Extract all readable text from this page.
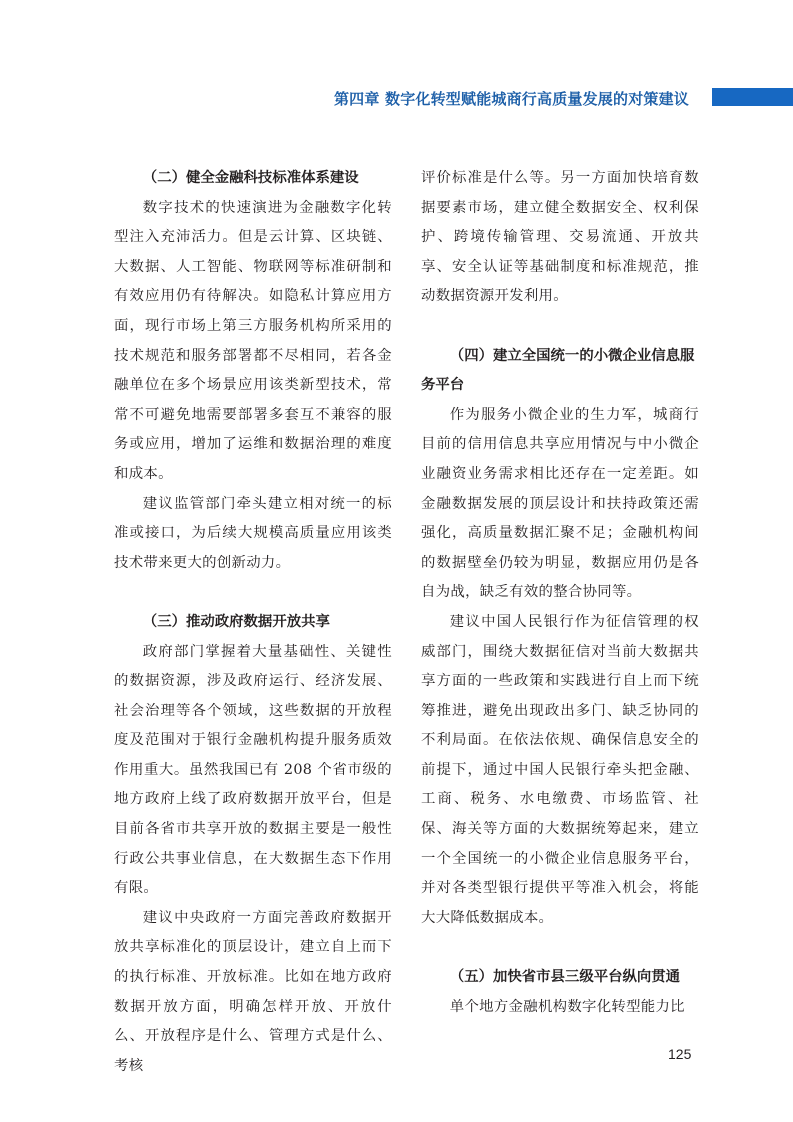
第四章 数字化转型赋能城商行高质量发展的对策建议
（二）健全金融科技标准体系建设

数字技术的快速演进为金融数字化转型注入充沛活力。但是云计算、区块链、大数据、人工智能、物联网等标准研制和有效应用仍有待解决。如隐私计算应用方面，现行市场上第三方服务机构所采用的技术规范和服务部署都不尽相同，若各金融单位在多个场景应用该类新型技术，常常不可避免地需要部署多套互不兼容的服务或应用，增加了运维和数据治理的难度和成本。

建议监管部门牵头建立相对统一的标准或接口，为后续大规模高质量应用该类技术带来更大的创新动力。

（三）推动政府数据开放共享

政府部门掌握着大量基础性、关键性的数据资源，涉及政府运行、经济发展、社会治理等各个领域，这些数据的开放程度及范围对于银行金融机构提升服务质效作用重大。虽然我国已有 208 个省市级的地方政府上线了政府数据开放平台，但是目前各省市共享开放的数据主要是一般性行政公共事业信息，在大数据生态下作用有限。

建议中央政府一方面完善政府数据开放共享标准化的顶层设计，建立自上而下的执行标准、开放标准。比如在地方政府数据开放方面，明确怎样开放、开放什么、开放程序是什么、管理方式是什么、考核

评价标准是什么等。另一方面加快培育数据要素市场，建立健全数据安全、权利保护、跨境传输管理、交易流通、开放共享、安全认证等基础制度和标准规范，推动数据资源开发利用。

（四）建立全国统一的小微企业信息服务平台

作为服务小微企业的生力军，城商行目前的信用信息共享应用情况与中小微企业融资业务需求相比还存在一定差距。如金融数据发展的顶层设计和扶持政策还需强化，高质量数据汇聚不足；金融机构间的数据壁垒仍较为明显，数据应用仍是各自为战，缺乏有效的整合协同等。

建议中国人民银行作为征信管理的权威部门，围绕大数据征信对当前大数据共享方面的一些政策和实践进行自上而下统筹推进，避免出现政出多门、缺乏协同的不利局面。在依法依规、确保信息安全的前提下，通过中国人民银行牵头把金融、工商、税务、水电缴费、市场监管、社保、海关等方面的大数据统筹起来，建立一个全国统一的小微企业信息服务平台，并对各类型银行提供平等准入机会，将能大大降低数据成本。

（五）加快省市县三级平台纵向贯通

单个地方金融机构数字化转型能力比

125
